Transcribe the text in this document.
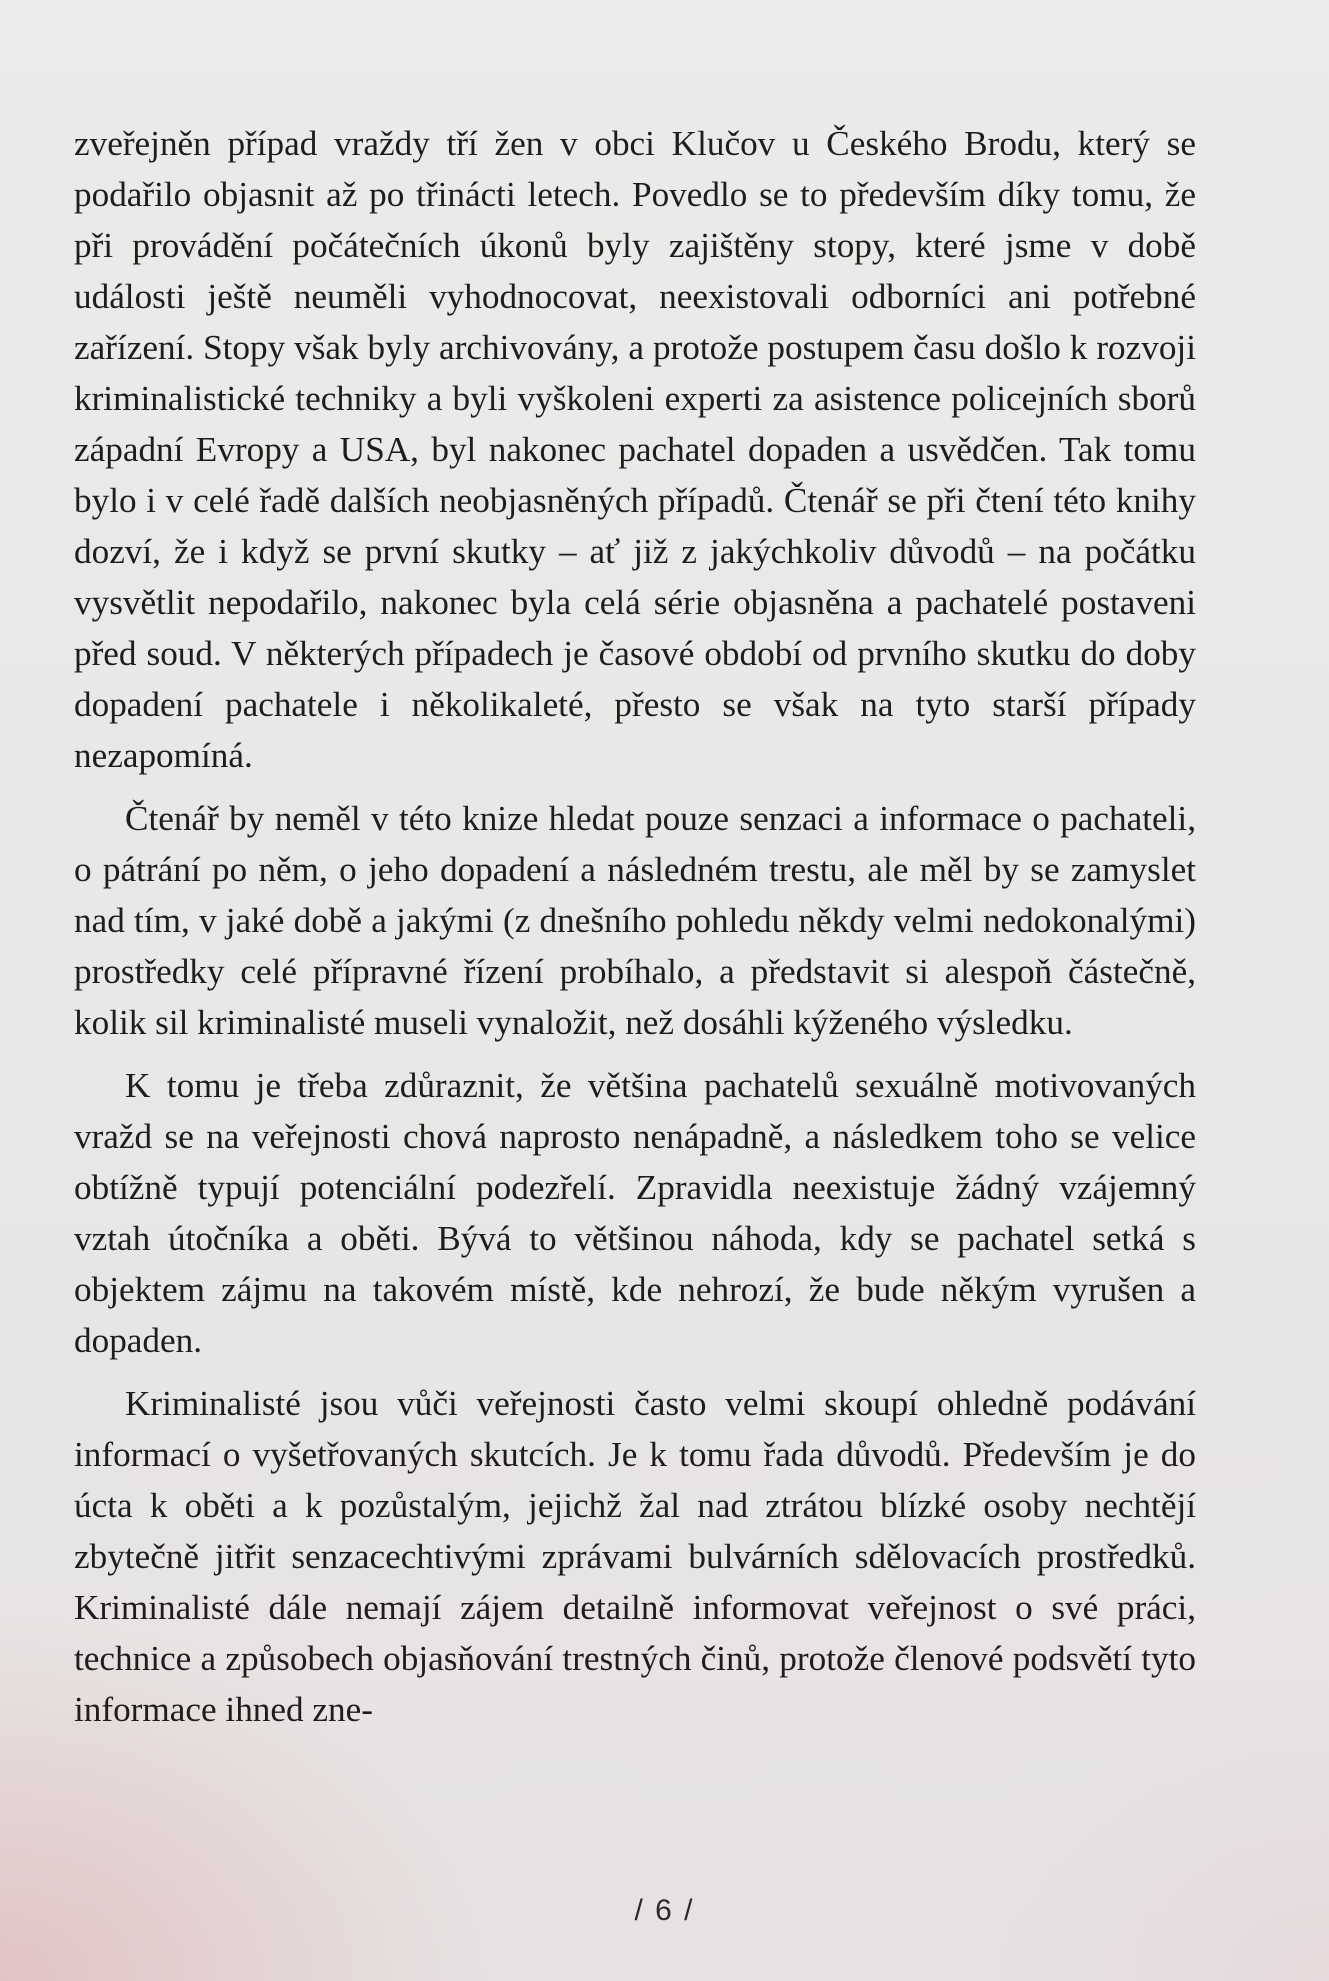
zveřejněn případ vraždy tří žen v obci Klučov u Českého Brodu, který se podařilo objasnit až po třinácti letech. Povedlo se to především díky tomu, že při provádění počátečních úkonů byly zajištěny stopy, které jsme v době události ještě neuměli vyhodnocovat, neexistovali odborníci ani potřebné zařízení. Stopy však byly archivovány, a protože postupem času došlo k rozvoji kriminalistické techniky a byli vyškoleni experti za asistence policejních sborů západní Evropy a USA, byl nakonec pachatel dopaden a usvědčen. Tak tomu bylo i v celé řadě dalších neobjasněných případů. Čtenář se při čtení této knihy dozví, že i když se první skutky – ať již z jakýchkoliv důvodů – na počátku vysvětlit nepodařilo, nakonec byla celá série objasněna a pachatelé postaveni před soud. V některých případech je časové období od prvního skutku do doby dopadení pachatele i několikaleté, přesto se však na tyto starší případy nezapomíná.

Čtenář by neměl v této knize hledat pouze senzaci a informace o pachateli, o pátrání po něm, o jeho dopadení a následném trestu, ale měl by se zamyslet nad tím, v jaké době a jakými (z dnešního pohledu někdy velmi nedokonalými) prostředky celé přípravné řízení probíhalo, a představit si alespoň částečně, kolik sil kriminalisté museli vynaložit, než dosáhli kýženého výsledku.

K tomu je třeba zdůraznit, že většina pachatelů sexuálně motivovaných vražd se na veřejnosti chová naprosto nenápadně, a následkem toho se velice obtížně typují potenciální podezřelí. Zpravidla neexistuje žádný vzájemný vztah útočníka a oběti. Bývá to většinou náhoda, kdy se pachatel setká s objektem zájmu na takovém místě, kde nehrozí, že bude někým vyrušen a dopaden.

Kriminalisté jsou vůči veřejnosti často velmi skoupí ohledně podávání informací o vyšetřovaných skutcích. Je k tomu řada důvodů. Především je do úcta k oběti a k pozůstalým, jejichž žal nad ztrátou blízké osoby nechtějí zbytečně jitřit senzacechtivými zprávami bulvárních sdělovacích prostředků. Kriminalisté dále nemají zájem detailně informovat veřejnost o své práci, technice a způsobech objasňování trestných činů, protože členové podsvětí tyto informace ihned zne-

/ 6 /
